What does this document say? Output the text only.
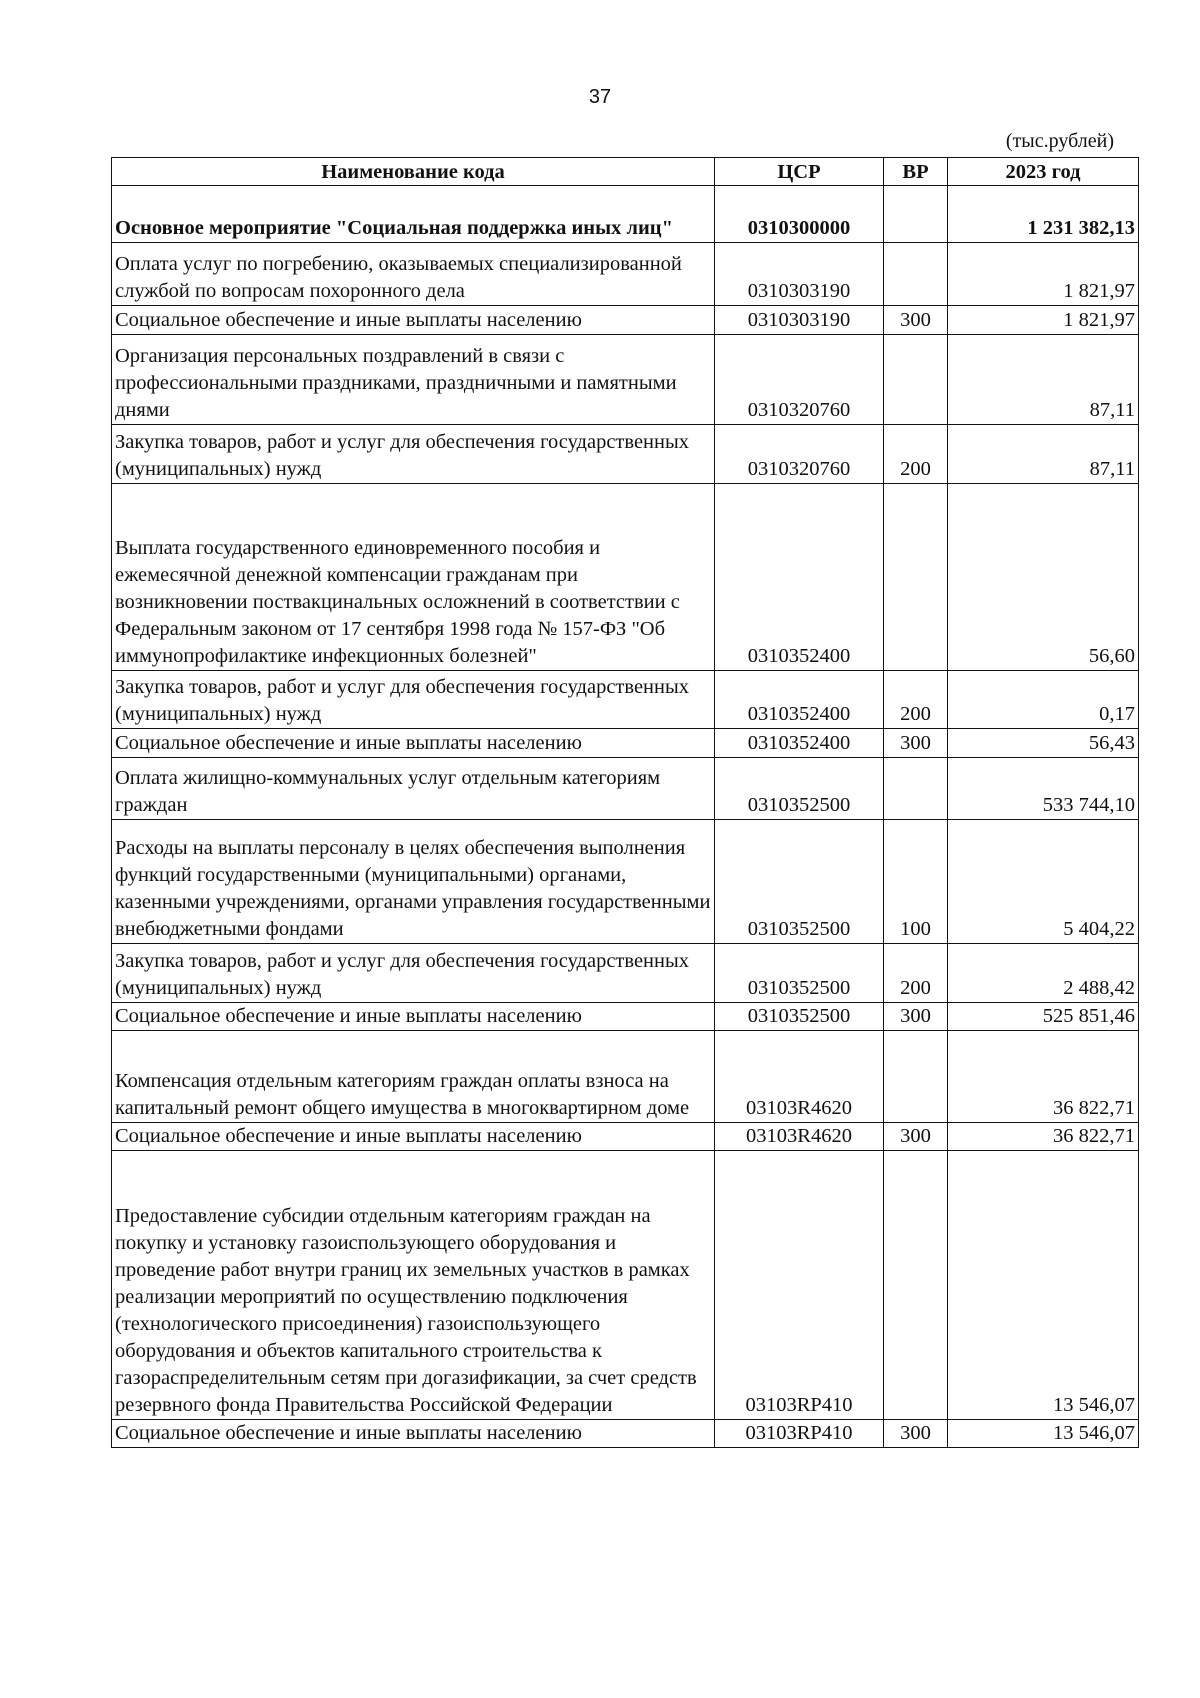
37
(тыс.рублей)
Наименование кода	ЦСР	ВР	2023 год
Основное мероприятие "Социальная поддержка иных лиц"	0310300000		1 231 382,13
Оплата услуг по погребению, оказываемых специализированной службой по вопросам похоронного дела	0310303190		1 821,97
Социальное обеспечение и иные выплаты населению	0310303190	300	1 821,97
Организация персональных поздравлений в связи с профессиональными праздниками, праздничными и памятными днями	0310320760		87,11
Закупка товаров, работ и услуг для обеспечения государственных (муниципальных) нужд	0310320760	200	87,11
Выплата государственного единовременного пособия и ежемесячной денежной компенсации гражданам при возникновении поствакцинальных осложнений в соответствии с Федеральным законом от 17 сентября 1998 года № 157-ФЗ "Об иммунопрофилактике инфекционных болезней"	0310352400		56,60
Закупка товаров, работ и услуг для обеспечения государственных (муниципальных) нужд	0310352400	200	0,17
Социальное обеспечение и иные выплаты населению	0310352400	300	56,43
Оплата жилищно-коммунальных услуг отдельным категориям граждан	0310352500		533 744,10
Расходы на выплаты персоналу в целях обеспечения выполнения функций государственными (муниципальными) органами, казенными учреждениями, органами управления государственными внебюджетными фондами	0310352500	100	5 404,22
Закупка товаров, работ и услуг для обеспечения государственных (муниципальных) нужд	0310352500	200	2 488,42
Социальное обеспечение и иные выплаты населению	0310352500	300	525 851,46
Компенсация отдельным категориям граждан оплаты взноса на капитальный ремонт общего имущества в многоквартирном доме	03103R4620		36 822,71
Социальное обеспечение и иные выплаты населению	03103R4620	300	36 822,71
Предоставление субсидии отдельным категориям граждан на покупку и установку газоиспользующего оборудования и проведение работ внутри границ их земельных участков в рамках реализации мероприятий по осуществлению подключения (технологического присоединения) газоиспользующего оборудования и объектов капитального строительства к газораспределительным сетям при догазификации, за счет средств резервного фонда Правительства Российской Федерации	03103RP410		13 546,07
Социальное обеспечение и иные выплаты населению	03103RP410	300	13 546,07
